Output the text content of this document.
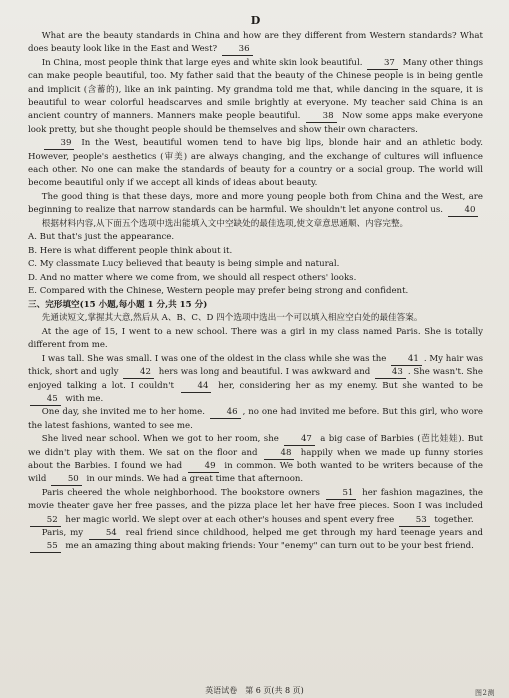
D

What are the beauty standards in China and how are they different from Western standards? What does beauty look like in the East and West? 36

In China, most people think that large eyes and white skin look beautiful.	37 Many other things can make people beautiful, too. My father said that the beauty of the Chinese people is in being gentle and implicit (含蓄的), like an ink painting. My grandma told me that, while dancing in the square, it is beautiful to wear colorful headscarves and smile brightly at everyone. My teacher said China is an ancient country of manners. Manners make people beautiful.	38 Now some apps make everyone look pretty, but she thought people should be themselves and show their own characters.

39 In the West, beautiful women tend to have big lips, blonde hair and an athletic body. However, people's aesthetics (审美) are always changing, and the exchange of cultures will influence each other. No one can make the standards of beauty for a country or a social group. The world will become beautiful only if we accept all kinds of ideas about beauty.

The good thing is that these days, more and more young people both from China and the West, are beginning to realize that narrow standards can be harmful. We shouldn't let anyone control us. 40

根据材料内容,从下面五个选项中选出能填入文中空缺处的最佳选项,使文章意思通顺、内容完整。

A. But that's just the appearance.
B. Here is what different people think about it.
C. My classmate Lucy believed that beauty is being simple and natural.
D. And no matter where we come from, we should all respect others' looks.
E. Compared with the Chinese, Western people may prefer being strong and confident.
三、完形填空(15 小题,每小题 1 分,共 15 分)

先通读短文,掌握其大意,然后从 A、B、C、D 四个选项中选出一个可以填入相应空白处的最佳答案。

At the age of 15, I went to a new school. There was a girl in my class named Paris. She is totally different from me.

I was tall. She was small. I was one of the oldest in the class while she was the	41 . My hair was thick, short and ugly	42 hers was long and beautiful. I was awkward and	43 . She wasn't. She enjoyed talking a lot. I couldn't	44 her, considering her as my enemy. But she wanted to be 45 with me.

One day, she invited me to her home.	46 , no one had invited me before. But this girl, who wore the latest fashions, wanted to see me.

She lived near school. When we got to her room, she	47 a big case of Barbies (芭比娃娃). But we didn't play with them. We sat on the floor and	48 happily when we made up funny stories about the Barbies. I found we had	49 in common. We both wanted to be writers because of the wild 50 in our minds. We had a great time that afternoon.

Paris cheered the whole neighborhood. The bookstore owners	51 her fashion magazines, the movie theater gave her free passes, and the pizza place let her have free pieces. Soon I was included 52 her magic world. We slept over at each other's houses and spent every free 53 together.

Paris, my	54 real friend since childhood, helped me get through my hard teenage years and 55 me an amazing thing about making friends: Your "enemy" can turn out to be your best friend.

英语试卷　第 6 页(共 8 页)	图2测
